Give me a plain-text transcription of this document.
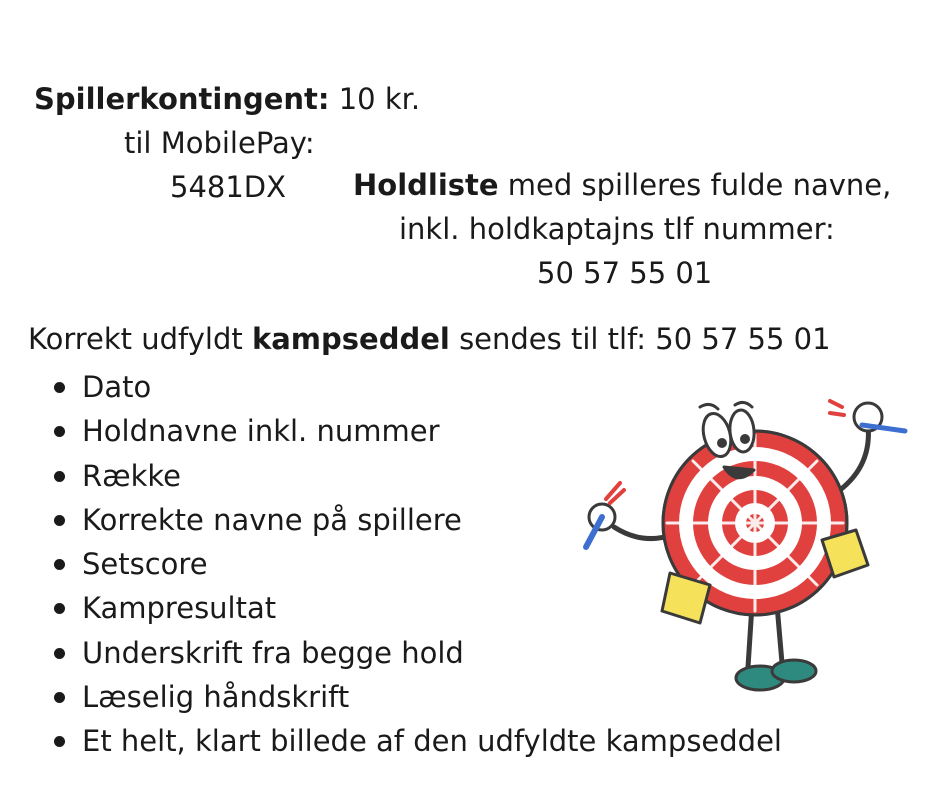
Spillerkontingent: 10 kr.
til MobilePay:
5481DX Holdliste med spilleres fulde navne,
inkl. holdkaptajns tlf nummer:
50 57 55 01
Korrekt udfyldt kampseddel sendes til tlf: 50 57 55 01
Dato
Holdnavne inkl. nummer
Række
Korrekte navne på spillere
Setscore
Kampresultat
Underskrift fra begge hold
Læselig håndskrift
Et helt, klart billede af den udfyldte kampseddel
